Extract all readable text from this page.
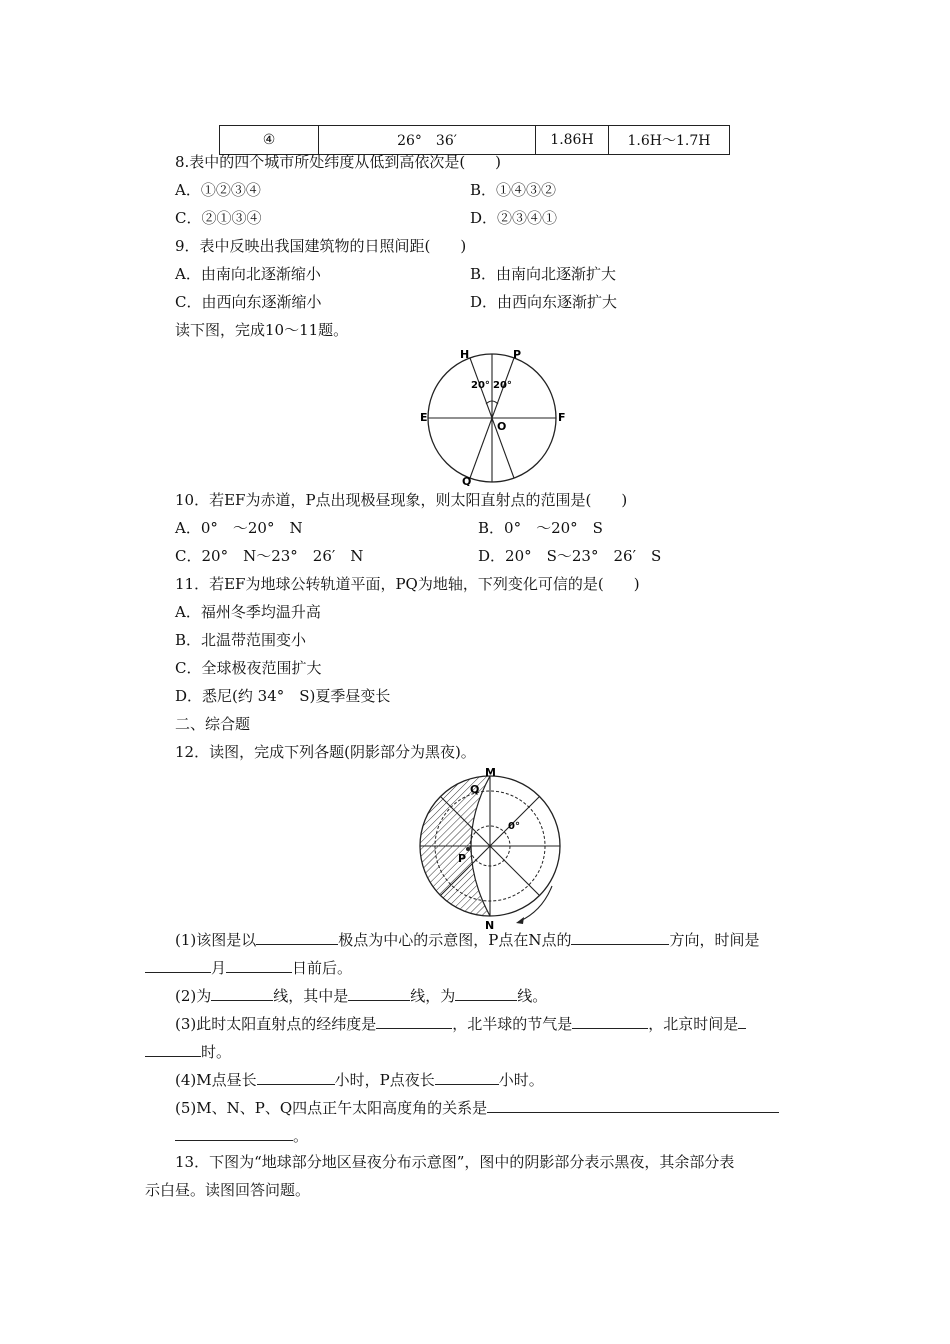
④	26°　36′	1.86H	1.6H～1.7H
8.表中的四个城市所处纬度从低到高依次是(　　)
A．①②③④	B．①④③②
C．②①③④	D．②③④①
9．表中反映出我国建筑物的日照间距(　　)
A．由南向北逐渐缩小	B．由南向北逐渐扩大
C．由西向东逐渐缩小	D．由西向东逐渐扩大
读下图，完成10～11题。
H	P
E	F
O
Q
20° 20°
10．若EF为赤道，P点出现极昼现象，则太阳直射点的范围是(　　)
A．0°　～20°　N	B．0°　～20°　S
C．20°　N～23°　26′　N	D．20°　S～23°　26′　S
11．若EF为地球公转轨道平面，PQ为地轴，下列变化可信的是(　　)
A．福州冬季均温升高
B．北温带范围变小
C．全球极夜范围扩大
D．悉尼(约 34°　S)夏季昼变长
二、综合题
12．读图，完成下列各题(阴影部分为黑夜)。
M
N
Q
P
0°
(1)该图是以	极点为中心的示意图，P点在N点的	方向，时间是
月	日前后。
(2)为	线，其中是	线，为	线。
(3)此时太阳直射点的经纬度是	，北半球的节气是	，北京时间是
时。
(4)M点昼长	小时，P点夜长	小时。
(5)M、N、P、Q四点正午太阳高度角的关系是
。
13．下图为“地球部分地区昼夜分布示意图”，图中的阴影部分表示黑夜，其余部分表
示白昼。读图回答问题。
